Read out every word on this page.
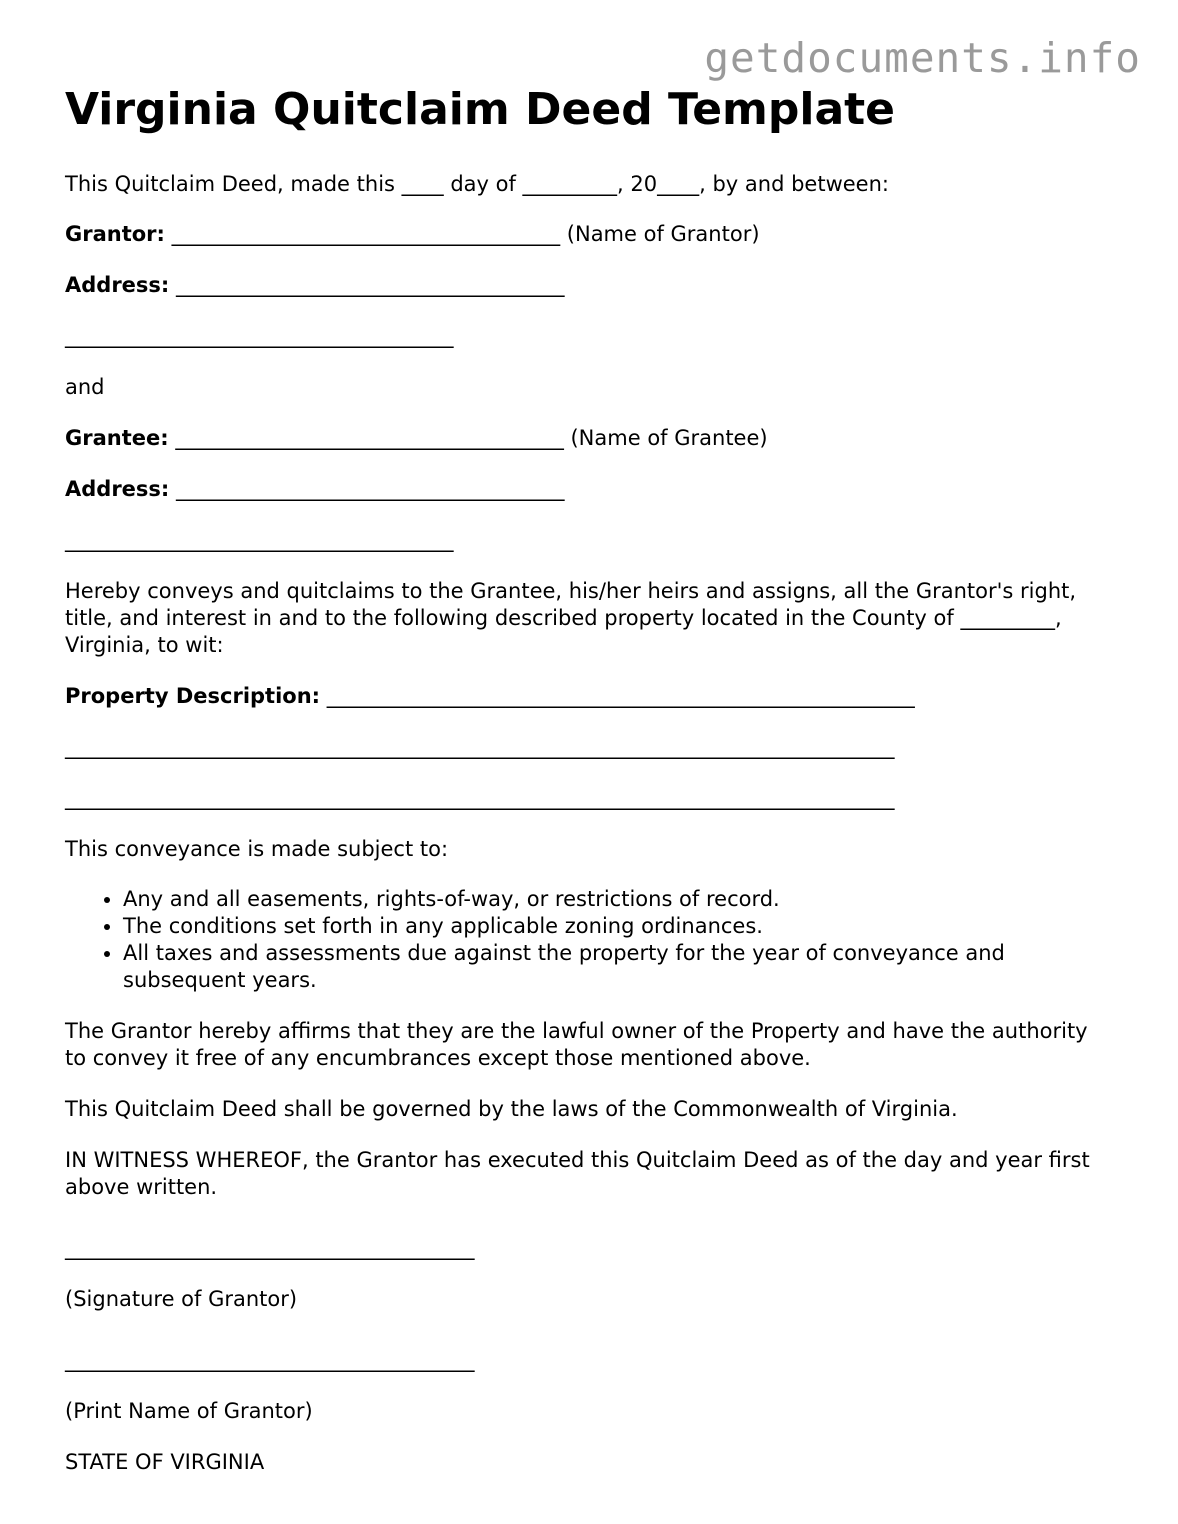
getdocuments.info
Virginia Quitclaim Deed Template

This Quitclaim Deed, made this ____ day of _________, 20____, by and between:

Grantor: _____________________________________ (Name of Grantor)

Address: _____________________________________

_____________________________________

and

Grantee: _____________________________________ (Name of Grantee)

Address: _____________________________________

_____________________________________

Hereby conveys and quitclaims to the Grantee, his/her heirs and assigns, all the Grantor's right, title, and interest in and to the following described property located in the County of _________, Virginia, to wit:

Property Description: ________________________________________________________

_______________________________________________________________________________

_______________________________________________________________________________

This conveyance is made subject to:

• Any and all easements, rights-of-way, or restrictions of record.
• The conditions set forth in any applicable zoning ordinances.
• All taxes and assessments due against the property for the year of conveyance and subsequent years.

The Grantor hereby affirms that they are the lawful owner of the Property and have the authority to convey it free of any encumbrances except those mentioned above.

This Quitclaim Deed shall be governed by the laws of the Commonwealth of Virginia.

IN WITNESS WHEREOF, the Grantor has executed this Quitclaim Deed as of the day and year first above written.

_______________________________________

(Signature of Grantor)

_______________________________________

(Print Name of Grantor)

STATE OF VIRGINIA
